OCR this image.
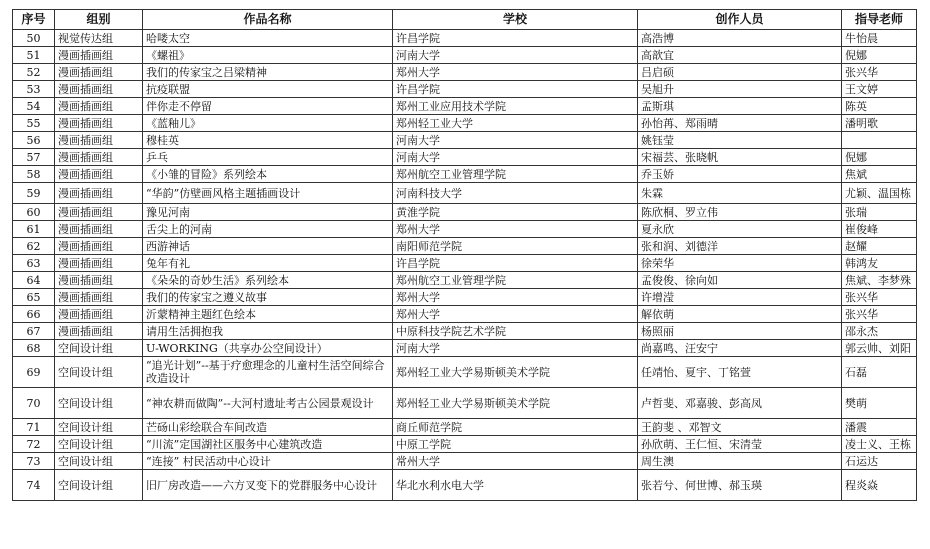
序号	组别	作品名称	学校	创作人员	指导老师
50	视觉传达组	哈喽太空	许昌学院	高浩博	牛怡晨
51	漫画插画组	《螺祖》	河南大学	高歆宜	倪娜
52	漫画插画组	我们的传家宝之吕梁精神	郑州大学	吕启硕	张兴华
53	漫画插画组	抗疫联盟	许昌学院	吴旭升	王文婷
54	漫画插画组	伴你走不停留	郑州工业应用技术学院	孟斯琪	陈英
55	漫画插画组	《蓝釉儿》	郑州轻工业大学	孙怡苒、郑雨晴	潘明歌
56	漫画插画组	穆桂英	河南大学	姚钰莹	
57	漫画插画组	乒乓	河南大学	宋福芸、张晓帆	倪娜
58	漫画插画组	《小雏的冒险》系列绘本	郑州航空工业管理学院	乔玉娇	焦斌
59	漫画插画组	“华韵”仿壁画风格主题插画设计	河南科技大学	朱霖	尤颖、温国栋
60	漫画插画组	豫见河南	黄淮学院	陈欣桐、罗立伟	张瑞
61	漫画插画组	舌尖上的河南	郑州大学	夏永欣	崔俊峰
62	漫画插画组	西游神话	南阳师范学院	张和润、刘德洋	赵耀
63	漫画插画组	兔年有礼	许昌学院	徐荣华	韩鸿友
64	漫画插画组	《朵朵的奇妙生活》系列绘本	郑州航空工业管理学院	孟俊俊、徐向如	焦斌、李梦殊
65	漫画插画组	我们的传家宝之遵义故事	郑州大学	许增滢	张兴华
66	漫画插画组	沂蒙精神主题红色绘本	郑州大学	解依萌	张兴华
67	漫画插画组	请用生活拥抱我	中原科技学院艺术学院	杨照丽	邵永杰
68	空间设计组	U-WORKING（共享办公空间设计）	河南大学	尚嘉鸣、汪安宁	郭云帅、刘阳
69	空间设计组	“追光计划”--基于疗愈理念的儿童村生活空间综合改造设计	郑州轻工业大学易斯顿美术学院	任靖怡、夏宇、丁铭萱	石磊
70	空间设计组	“神农耕而做陶”--大河村遗址考古公园景观设计	郑州轻工业大学易斯顿美术学院	卢哲斐、邓嘉骏、彭高凤	樊萌
71	空间设计组	芒砀山彩绘联合车间改造	商丘师范学院	王韵斐 、邓智文	潘震
72	空间设计组	“川流”定国湖社区服务中心建筑改造	中原工学院	孙欣萌、王仁恒、宋清莹	凌士义、王栋
73	空间设计组	“连接” 村民活动中心设计	常州大学	周生澳	石运达
74	空间设计组	旧厂房改造——六方叉变下的党群服务中心设计	华北水利水电大学	张若兮、何世博、郝玉瑛	程炎焱
